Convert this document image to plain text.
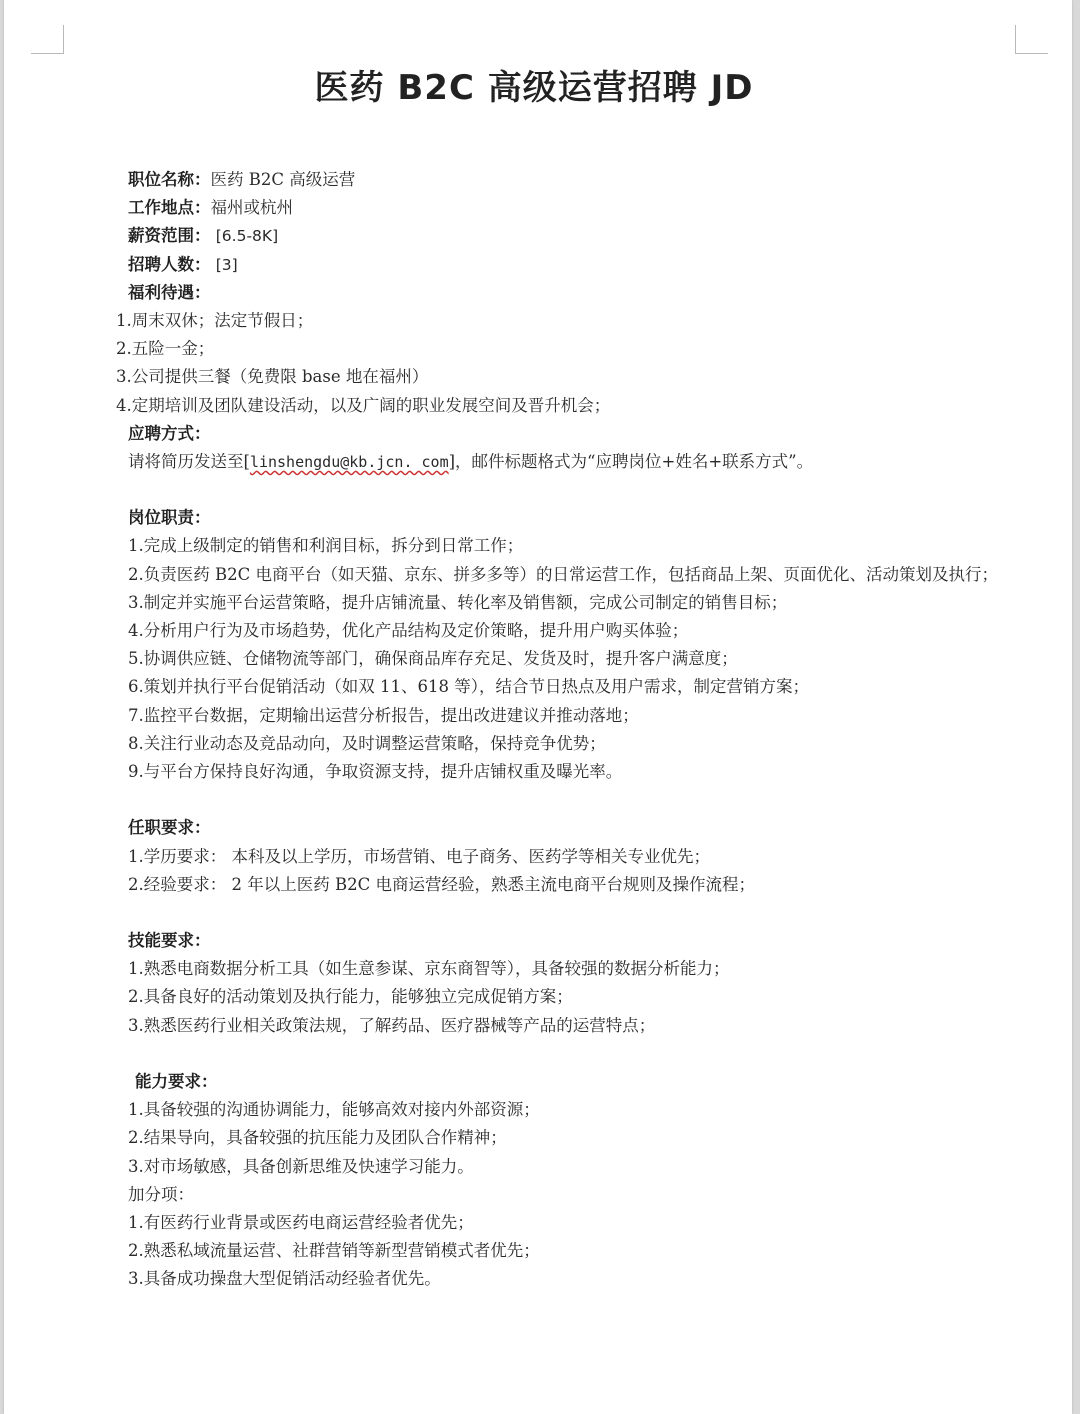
医药 B2C 高级运营招聘 JD
职位名称：医药 B2C 高级运营
工作地点：福州或杭州
薪资范围： [6.5-8K]
招聘人数： [3]
福利待遇：
1.周末双休；法定节假日；
2.五险一金；
3.公司提供三餐（免费限 base 地在福州）
4.定期培训及团队建设活动，以及广阔的职业发展空间及晋升机会；
应聘方式：
请将简历发送至[linshengdu@kb.jcn. com]，邮件标题格式为“应聘岗位+姓名+联系方式”。
岗位职责：
1.完成上级制定的销售和利润目标，拆分到日常工作；
2.负责医药 B2C 电商平台（如天猫、京东、拼多多等）的日常运营工作，包括商品上架、页面优化、活动策划及执行；
3.制定并实施平台运营策略，提升店铺流量、转化率及销售额，完成公司制定的销售目标；
4.分析用户行为及市场趋势，优化产品结构及定价策略，提升用户购买体验；
5.协调供应链、仓储物流等部门，确保商品库存充足、发货及时，提升客户满意度；
6.策划并执行平台促销活动（如双 11、618 等），结合节日热点及用户需求，制定营销方案；
7.监控平台数据，定期输出运营分析报告，提出改进建议并推动落地；
8.关注行业动态及竞品动向，及时调整运营策略，保持竞争优势；
9.与平台方保持良好沟通，争取资源支持，提升店铺权重及曝光率。
任职要求：
1.学历要求： 本科及以上学历，市场营销、电子商务、医药学等相关专业优先；
2.经验要求： 2 年以上医药 B2C 电商运营经验，熟悉主流电商平台规则及操作流程；
技能要求：
1.熟悉电商数据分析工具（如生意参谋、京东商智等），具备较强的数据分析能力；
2.具备良好的活动策划及执行能力，能够独立完成促销方案；
3.熟悉医药行业相关政策法规，了解药品、医疗器械等产品的运营特点；
能力要求：
1.具备较强的沟通协调能力，能够高效对接内外部资源；
2.结果导向，具备较强的抗压能力及团队合作精神；
3.对市场敏感，具备创新思维及快速学习能力。
加分项：
1.有医药行业背景或医药电商运营经验者优先；
2.熟悉私域流量运营、社群营销等新型营销模式者优先；
3.具备成功操盘大型促销活动经验者优先。
